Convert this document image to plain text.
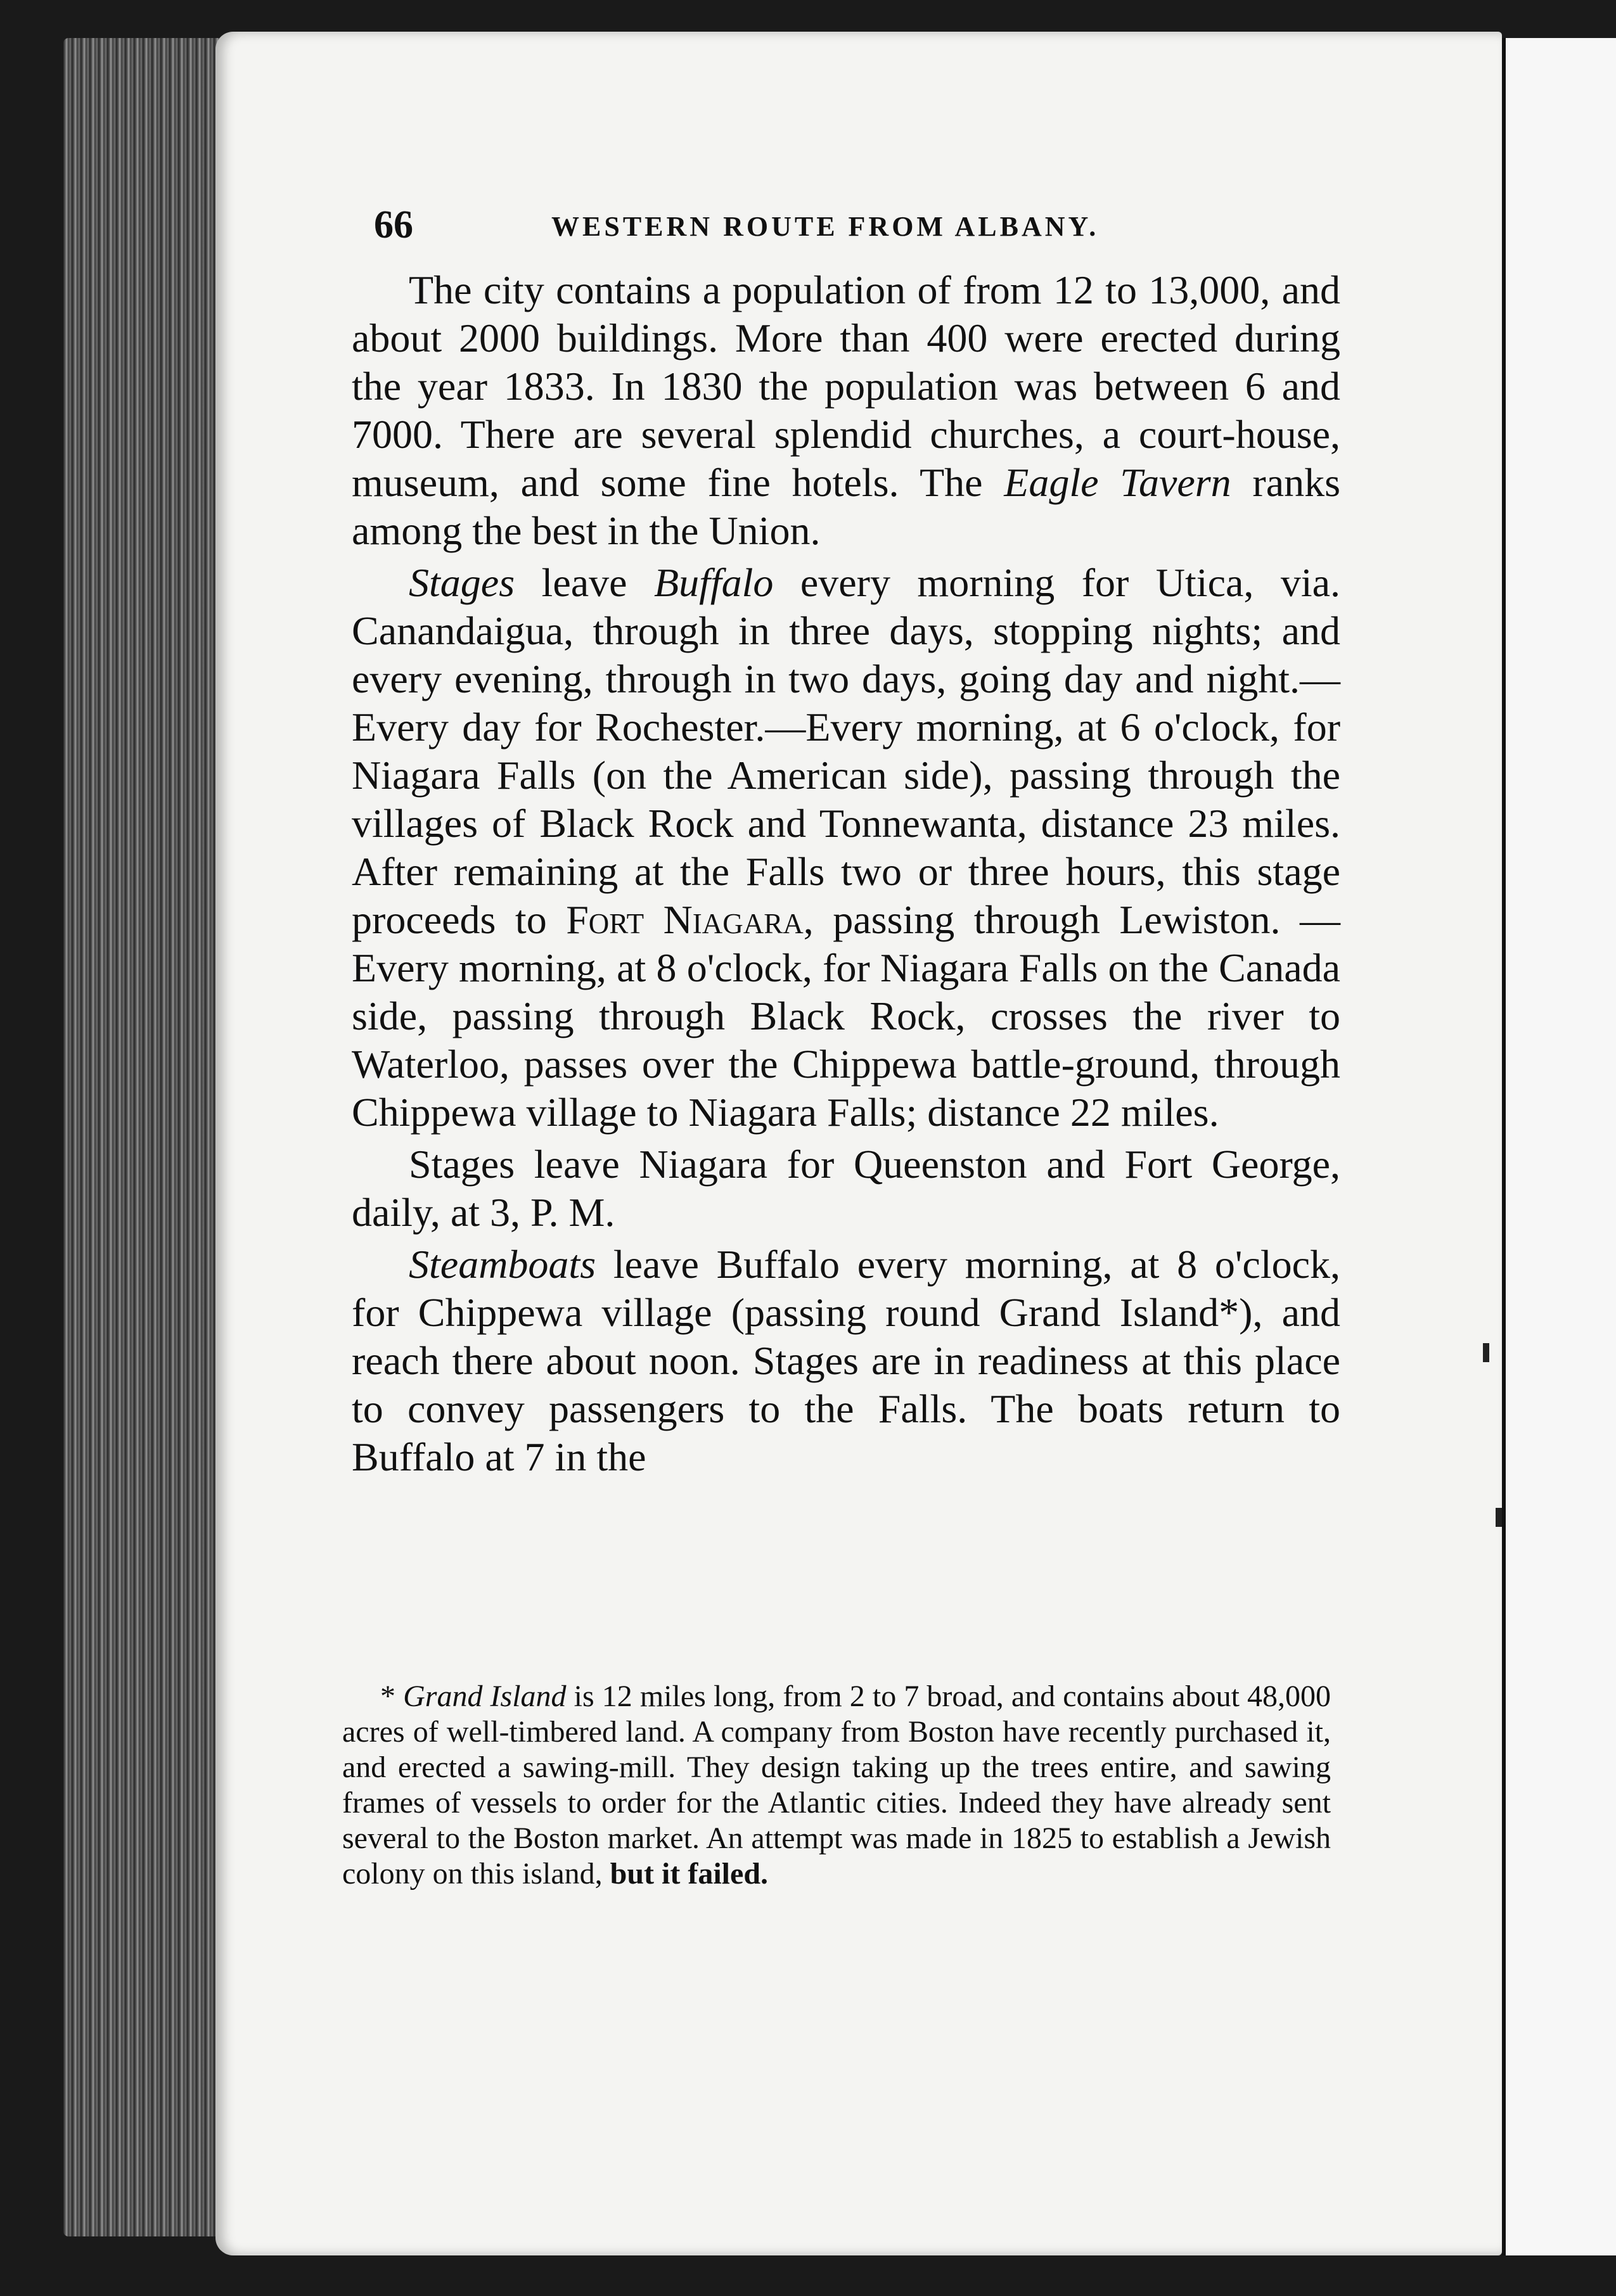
66	WESTERN ROUTE FROM ALBANY.

The city contains a population of from 12 to 13,000, and about 2000 buildings. More than 400 were erected during the year 1833. In 1830 the population was between 6 and 7000. There are several splendid churches, a court-house, museum, and some fine hotels. The Eagle Tavern ranks among the best in the Union.

Stages leave Buffalo every morning for Utica, via. Canandaigua, through in three days, stopping nights; and every evening, through in two days, going day and night.—Every day for Rochester.—Every morning, at 6 o'clock, for Niagara Falls (on the American side), passing through the villages of Black Rock and Tonnewanta, distance 23 miles. After remaining at the Falls two or three hours, this stage proceeds to Fort Niagara, passing through Lewiston. —Every morning, at 8 o'clock, for Niagara Falls on the Canada side, passing through Black Rock, crosses the river to Waterloo, passes over the Chippewa battle-ground, through Chippewa village to Niagara Falls; distance 22 miles.

Stages leave Niagara for Queenston and Fort George, daily, at 3, P. M.

Steamboats leave Buffalo every morning, at 8 o'clock, for Chippewa village (passing round Grand Island*), and reach there about noon. Stages are in readiness at this place to convey passengers to the Falls. The boats return to Buffalo at 7 in the

* Grand Island is 12 miles long, from 2 to 7 broad, and contains about 48,000 acres of well-timbered land. A company from Boston have recently purchased it, and erected a sawing-mill. They design taking up the trees entire, and sawing frames of vessels to order for the Atlantic cities. Indeed they have already sent several to the Boston market. An attempt was made in 1825 to establish a Jewish colony on this island, but it failed.
